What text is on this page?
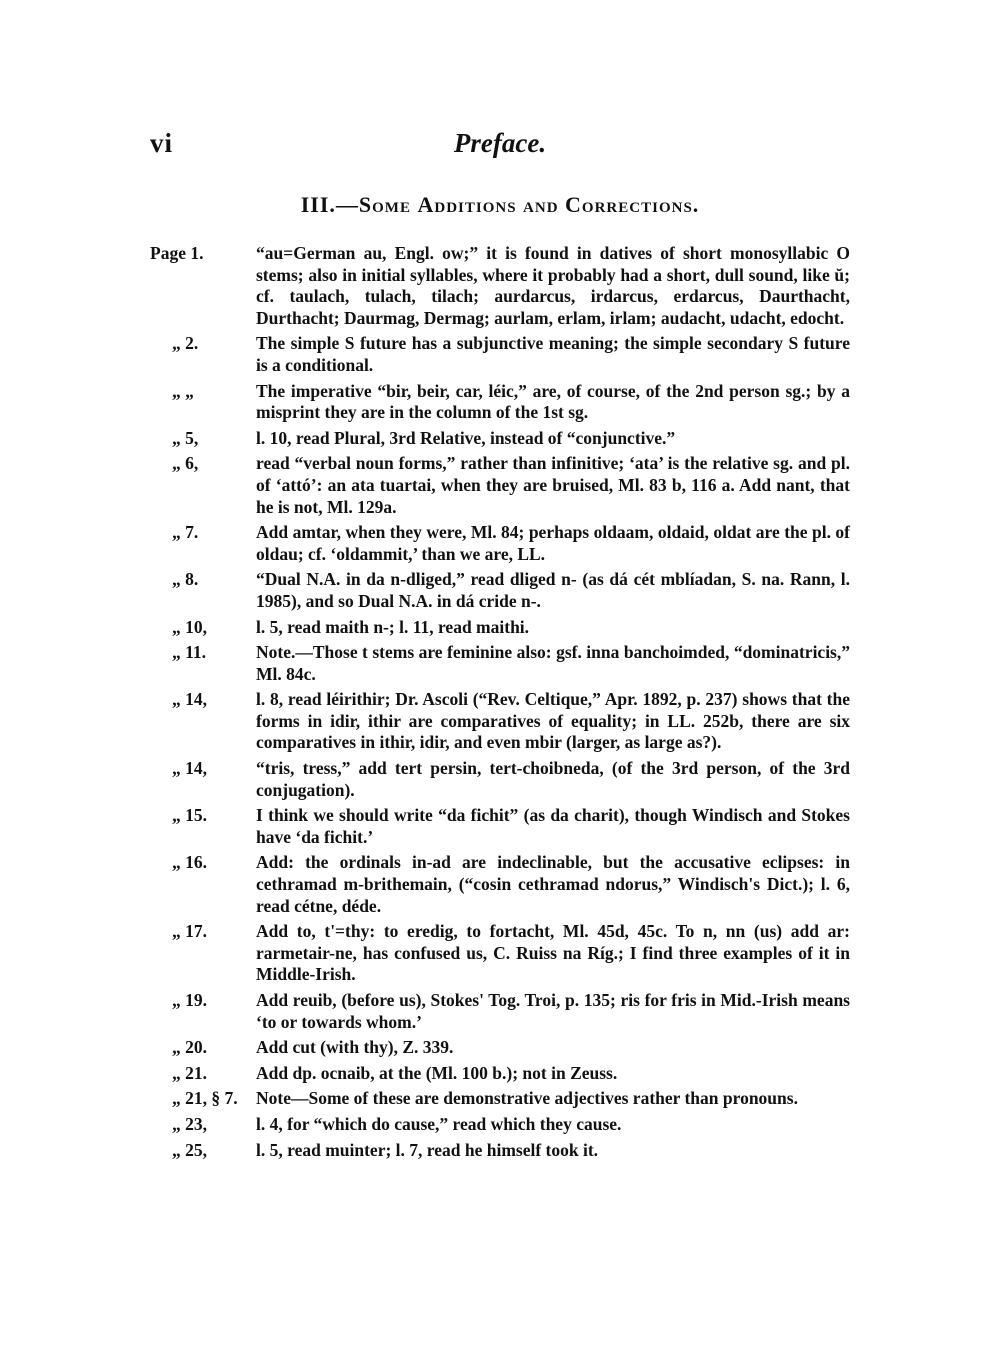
vi	Preface.
III.—Some Additions and Corrections.
Page 1.	“au=German au, Engl. ow;” it is found in datives of short monosyllabic O stems; also in initial syllables, where it probably had a short, dull sound, like ŭ; cf. taulach, tulach, tilach; aurdarcus, irdarcus, erdarcus, Daurthacht, Durthacht; Daurmag, Dermag; aurlam, erlam, irlam; audacht, udacht, edocht.
„ 2.	The simple S future has a subjunctive meaning; the simple secondary S future is a conditional.
„ „	The imperative “bir, beir, car, léic,” are, of course, of the 2nd person sg.; by a misprint they are in the column of the 1st sg.
„ 5,	l. 10, read Plural, 3rd Relative, instead of “conjunctive.”
„ 6,	read “verbal noun forms,” rather than infinitive; ‘ata’ is the relative sg. and pl. of ‘attó’: an ata tuartai, when they are bruised, Ml. 83 b, 116 a. Add nant, that he is not, Ml. 129a.
„ 7.	Add amtar, when they were, Ml. 84; perhaps oldaam, oldaid, oldat are the pl. of oldau; cf. ‘oldammit,’ than we are, LL.
„ 8.	“Dual N.A. in da n-dliged,” read dliged n- (as dá cét mblíadan, S. na. Rann, l. 1985), and so Dual N.A. in dá cride n-.
„ 10,	l. 5, read maith n-; l. 11, read maithi.
„ 11.	Note.—Those t stems are feminine also: gsf. inna banchoimded, “dominatricis,” Ml. 84c.
„ 14,	l. 8, read léirithir; Dr. Ascoli (“Rev. Celtique,” Apr. 1892, p. 237) shows that the forms in idir, ithir are comparatives of equality; in LL. 252b, there are six comparatives in ithir, idir, and even mbir (larger, as large as?).
„ 14,	“tris, tress,” add tert persin, tert-choibneda, (of the 3rd person, of the 3rd conjugation).
„ 15.	I think we should write “da fichit” (as da charit), though Windisch and Stokes have ‘da fichit.’
„ 16.	Add: the ordinals in-ad are indeclinable, but the accusative eclipses: in cethramad m-brithemain, (“cosin cethramad ndorus,” Windisch's Dict.); l. 6, read cétne, déde.
„ 17.	Add to, t'=thy: to eredig, to fortacht, Ml. 45d, 45c. To n, nn (us) add ar: rarmetair-ne, has confused us, C. Ruiss na Ríg.; I find three examples of it in Middle-Irish.
„ 19.	Add reuib, (before us), Stokes' Tog. Troi, p. 135; ris for fris in Mid.-Irish means ‘to or towards whom.’
„ 20.	Add cut (with thy), Z. 339.
„ 21.	Add dp. ocnaib, at the (Ml. 100 b.); not in Zeuss.
„ 21, § 7.	Note—Some of these are demonstrative adjectives rather than pronouns.
„ 23,	l. 4, for “which do cause,” read which they cause.
„ 25,	l. 5, read muinter; l. 7, read he himself took it.
